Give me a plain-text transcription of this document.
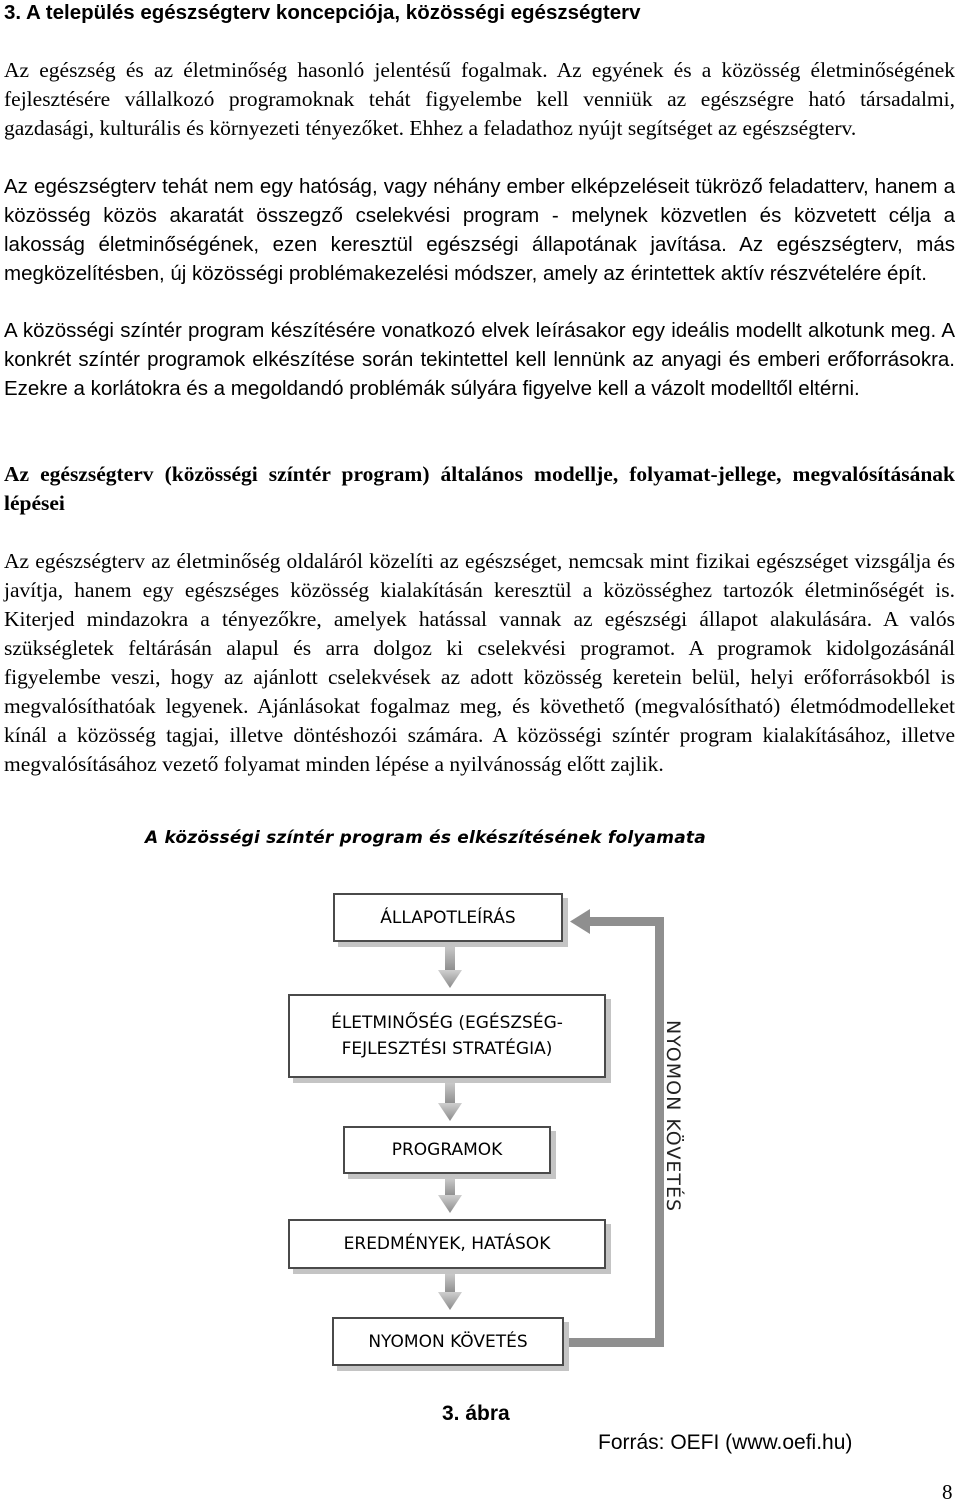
3. A település egészségterv koncepciója, közösségi egészségterv

Az egészség és az életminőség hasonló jelentésű fogalmak. Az egyének és a közösség életminőségének fejlesztésére vállalkozó programoknak tehát figyelembe kell venniük az egészségre ható társadalmi, gazdasági, kulturális és környezeti tényezőket. Ehhez a feladathoz nyújt segítséget az egészségterv.

Az egészségterv tehát nem egy hatóság, vagy néhány ember elképzeléseit tükröző feladatterv, hanem a közösség közös akaratát összegző cselekvési program - melynek közvetlen és közvetett célja a lakosság életminőségének, ezen keresztül egészségi állapotának javítása. Az egészségterv, más megközelítésben, új közösségi problémakezelési módszer, amely az érintettek aktív részvételére épít.

A közösségi színtér program készítésére vonatkozó elvek leírásakor egy ideális modellt alkotunk meg. A konkrét színtér programok elkészítése során tekintettel kell lennünk az anyagi és emberi erőforrásokra. Ezekre a korlátokra és a megoldandó problémák súlyára figyelve kell a vázolt modelltől eltérni.

Az egészségterv (közösségi színtér program) általános modellje, folyamat-jellege, megvalósításának lépései

Az egészségterv az életminőség oldaláról közelíti az egészséget, nemcsak mint fizikai egészséget vizsgálja és javítja, hanem egy egészséges közösség kialakításán keresztül a közösséghez tartozók életminőségét is. Kiterjed mindazokra a tényezőkre, amelyek hatással vannak az egészségi állapot alakulására. A valós szükségletek feltárásán alapul és arra dolgoz ki cselekvési programot. A programok kidolgozásánál figyelembe veszi, hogy az ajánlott cselekvések az adott közösség keretein belül, helyi erőforrásokból is megvalósíthatóak legyenek. Ajánlásokat fogalmaz meg, és követhető (megvalósítható) életmódmodelleket kínál a közösség tagjai, illetve döntéshozói számára. A közösségi színtér program kialakításához, illetve megvalósításához vezető folyamat minden lépése a nyilvánosság előtt zajlik.

A közösségi színtér program és elkészítésének folyamata
ÁLLAPOTLEÍRÁS
ÉLETMINŐSÉG (EGÉSZSÉG-
FEJLESZTÉSI STRATÉGIA)
PROGRAMOK
EREDMÉNYEK, HATÁSOK
NYOMON KÖVETÉS
NYOMON KÖVETÉS
3. ábra
Forrás: OEFI (www.oefi.hu)
8
